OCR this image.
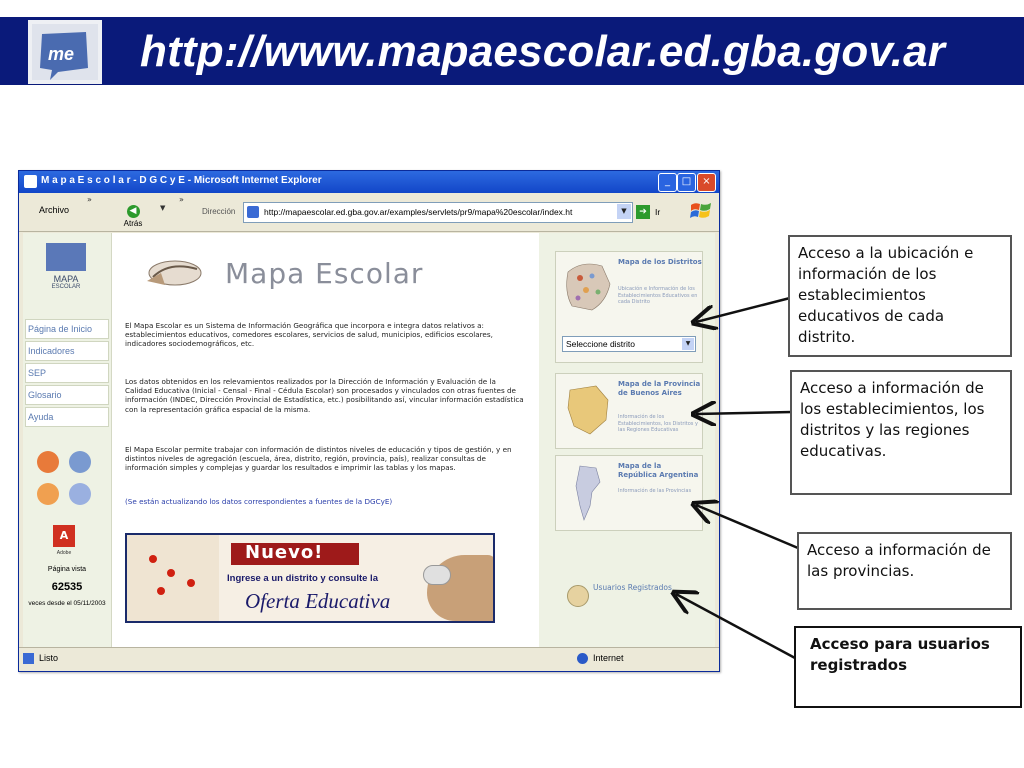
me http://www.mapaescolar.ed.gba.gov.ar
M a p a E s c o l a r - D G C y E - Microsoft Internet Explorer	_	□	×
Archivo
»
◀
Atrás
▼
»
Dirección	http://mapaescolar.ed.gba.gov.ar/examples/servlets/pr9/mapa%20escolar/index.ht	▼	➔ Ir
MAPA
ESCOLAR
Página de Inicio
Indicadores
SEP
Glosario
Ayuda
A
Adobe
Página vista
62535
veces desde el 05/11/2003
Mapa Escolar

El Mapa Escolar es un Sistema de Información Geográfica que incorpora e integra datos relativos a: establecimientos educativos, comedores escolares, servicios de salud, municipios, edificios escolares, indicadores sociodemográficos, etc.

Los datos obtenidos en los relevamientos realizados por la Dirección de Información y Evaluación de la Calidad Educativa (Inicial - Censal - Final - Cédula Escolar) son procesados y vinculados con otras fuentes de información (INDEC, Dirección Provincial de Estadística, etc.) posibilitando así, vincular información estadística con la representación gráfica espacial de la misma.

El Mapa Escolar permite trabajar con información de distintos niveles de educación y tipos de gestión, y en distintos niveles de agregación (escuela, área, distrito, región, provincia, país), realizar consultas de información simples y complejas y guardar los resultados e imprimir las tablas y los mapas.

(Se están actualizando los datos correspondientes a fuentes de la DGCyE)

Nuevo!
Ingrese a un distrito y consulte la
Oferta Educativa
Mapa de los Distritos
Ubicación e Información de los Establecimientos Educativos en cada Distrito
Seleccione distrito	▼
Mapa de la Provincia de Buenos Aires
Información de los Establecimientos, los Distritos y las Regiones Educativas
Mapa de la República Argentina
Información de las Provincias
Usuarios Registrados
Listo	Internet

Acceso a la ubicación e información de los establecimientos educativos de cada distrito.

Acceso a información de los establecimientos, los distritos y las regiones educativas.

Acceso a información de las provincias.

Acceso para usuarios registrados
